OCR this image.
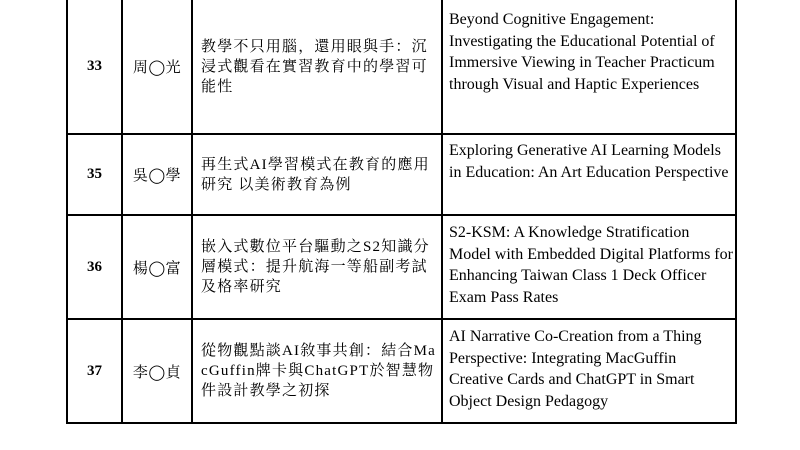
33	周◯光	教學不只用腦，還用眼與手：沉浸式觀看在實習教育中的學習可能性	Beyond Cognitive Engagement: Investigating the Educational Potential of Immersive Viewing in Teacher Practicum through Visual and Haptic Experiences
35	吳◯學	再生式AI學習模式在教育的應用研究 以美術教育為例	Exploring Generative AI Learning Models in Education: An Art Education Perspective
36	楊◯富	嵌入式數位平台驅動之S2知識分層模式：提升航海一等船副考試及格率研究	S2-KSM: A Knowledge Stratification Model with Embedded Digital Platforms for Enhancing Taiwan Class 1 Deck Officer Exam Pass Rates
37	李◯貞	從物觀點談AI敘事共創：結合MacGuffin牌卡與ChatGPT於智慧物件設計教學之初探	AI Narrative Co-Creation from a Thing Perspective: Integrating MacGuffin Creative Cards and ChatGPT in Smart Object Design Pedagogy
